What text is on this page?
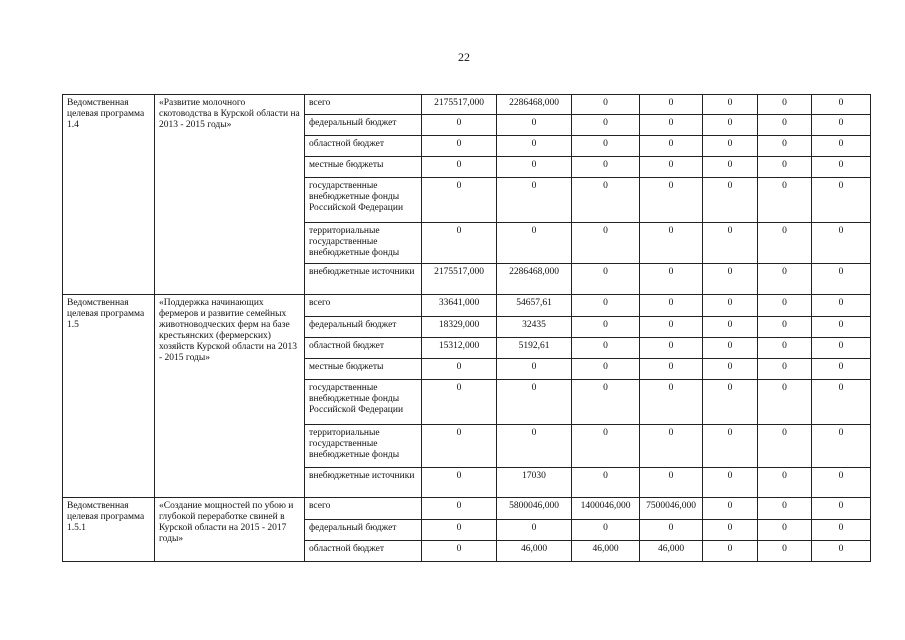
22
Ведомственная целевая программа 1.4	«Развитие молочного скотоводства в Курской области на 2013 - 2015 годы»	всего	2175517,000	2286468,000	0	0	0	0	0
		федеральный бюджет	0	0	0	0	0	0	0
		областной бюджет	0	0	0	0	0	0	0
		местные бюджеты	0	0	0	0	0	0	0
		государственные внебюджетные фонды Российской Федерации	0	0	0	0	0	0	0
		территориальные государственные внебюджетные фонды	0	0	0	0	0	0	0
		внебюджетные источники	2175517,000	2286468,000	0	0	0	0	0
Ведомственная целевая программа 1.5	«Поддержка начинающих фермеров и развитие семейных животноводческих ферм на базе крестьянских (фермерских) хозяйств Курской области на 2013 - 2015 годы»	всего	33641,000	54657,61	0	0	0	0	0
		федеральный бюджет	18329,000	32435	0	0	0	0	0
		областной бюджет	15312,000	5192,61	0	0	0	0	0
		местные бюджеты	0	0	0	0	0	0	0
		государственные внебюджетные фонды Российской Федерации	0	0	0	0	0	0	0
		территориальные государственные внебюджетные фонды	0	0	0	0	0	0	0
		внебюджетные источники	0	17030	0	0	0	0	0
Ведомственная целевая программа 1.5.1	«Создание мощностей по убою и глубокой переработке свиней в Курской области на 2015 - 2017 годы»	всего	0	5800046,000	1400046,000	7500046,000	0	0	0
		федеральный бюджет	0	0	0	0	0	0	0
		областной бюджет	0	46,000	46,000	46,000	0	0	0
